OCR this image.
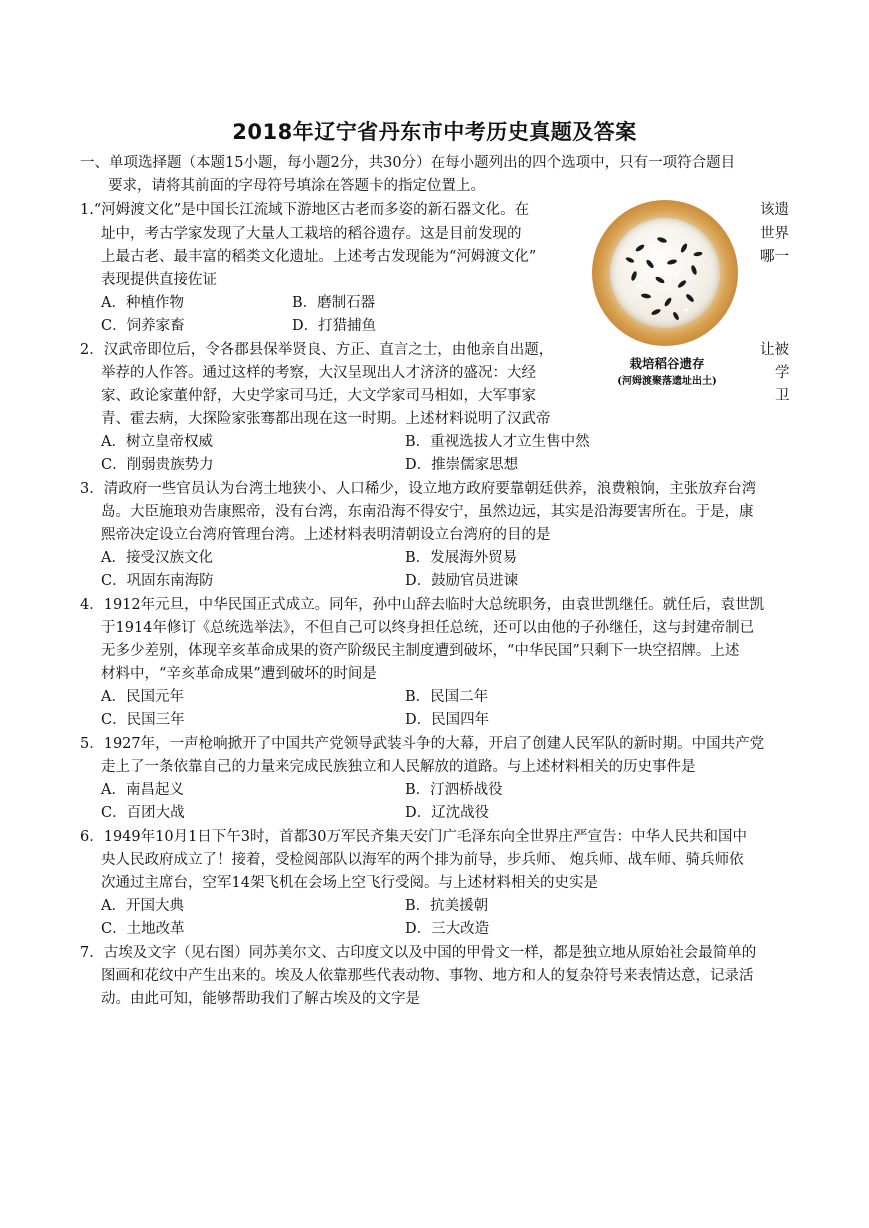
2018年辽宁省丹东市中考历史真题及答案
一、单项选择题（本题15小题，每小题2分，共30分）在每小题列出的四个选项中，只有一项符合题目
要求，请将其前面的字母符号填涂在答题卡的指定位置上。
1.“河姆渡文化”是中国长江流域下游地区古老而多姿的新石器文化。在	该遗
址中，考古学家发现了大量人工栽培的稻谷遗存。这是目前发现的	世界
上最古老、最丰富的稻类文化遗址。上述考古发现能为“河姆渡文化”	哪一
表现提供直接佐证
A．种植作物	B．磨制石器
C．饲养家畜	D．打猎捕鱼
栽培稻谷遗存
(河姆渡聚落遗址出土)
2．汉武帝即位后，令各郡县保举贤良、方正、直言之士，由他亲自出题，	让被
举荐的人作答。通过这样的考察，大汉呈现出人才济济的盛况：大经	学
家、政论家董仲舒，大史学家司马迁，大文学家司马相如，大军事家	卫
青、霍去病，大探险家张骞都出现在这一时期。上述材料说明了汉武帝
A．树立皇帝权威	B．重视选拔人才立生售中然
C．削弱贵族势力	D．推崇儒家思想
3．清政府一些官员认为台湾土地狭小、人口稀少，设立地方政府要靠朝廷供养，浪费粮饷，主张放弃台湾
岛。大臣施琅劝告康熙帝，没有台湾，东南沿海不得安宁，虽然边远，其实是沿海要害所在。于是，康
熙帝决定设立台湾府管理台湾。上述材料表明清朝设立台湾府的目的是
A．接受汉族文化	B．发展海外贸易
C．巩固东南海防	D．鼓励官员进谏
4．1912年元旦，中华民国正式成立。同年，孙中山辞去临时大总统职务，由袁世凯继任。就任后，袁世凯
于1914年修订《总统选举法》，不但自己可以终身担任总统，还可以由他的子孙继任，这与封建帝制已
无多少差别，体现辛亥革命成果的资产阶级民主制度遭到破坏，“中华民国”只剩下一块空招牌。上述
材料中，“辛亥革命成果”遭到破坏的时间是
A．民国元年	B．民国二年
C．民国三年	D．民国四年
5．1927年，一声枪响掀开了中国共产党领导武装斗争的大幕，开启了创建人民军队的新时期。中国共产党
走上了一条依靠自己的力量来完成民族独立和人民解放的道路。与上述材料相关的历史事件是
A．南昌起义	B．汀泗桥战役
C．百团大战	D．辽沈战役
6．1949年10月1日下午3时，首都30万军民齐集天安门广毛泽东向全世界庄严宣告：中华人民共和国中
央人民政府成立了！接着，受检阅部队以海军的两个排为前导，步兵师、 炮兵师、战车师、骑兵师依
次通过主席台，空军14架飞机在会场上空飞行受阅。与上述材料相关的史实是
A．开国大典	B．抗美援朝
C．土地改革	D．三大改造
7．古埃及文字（见右图）同苏美尔文、古印度文以及中国的甲骨文一样，都是独立地从原始社会最简单的
图画和花纹中产生出来的。埃及人依靠那些代表动物、事物、地方和人的复杂符号来表情达意，记录活
动。由此可知，能够帮助我们了解古埃及的文字是
